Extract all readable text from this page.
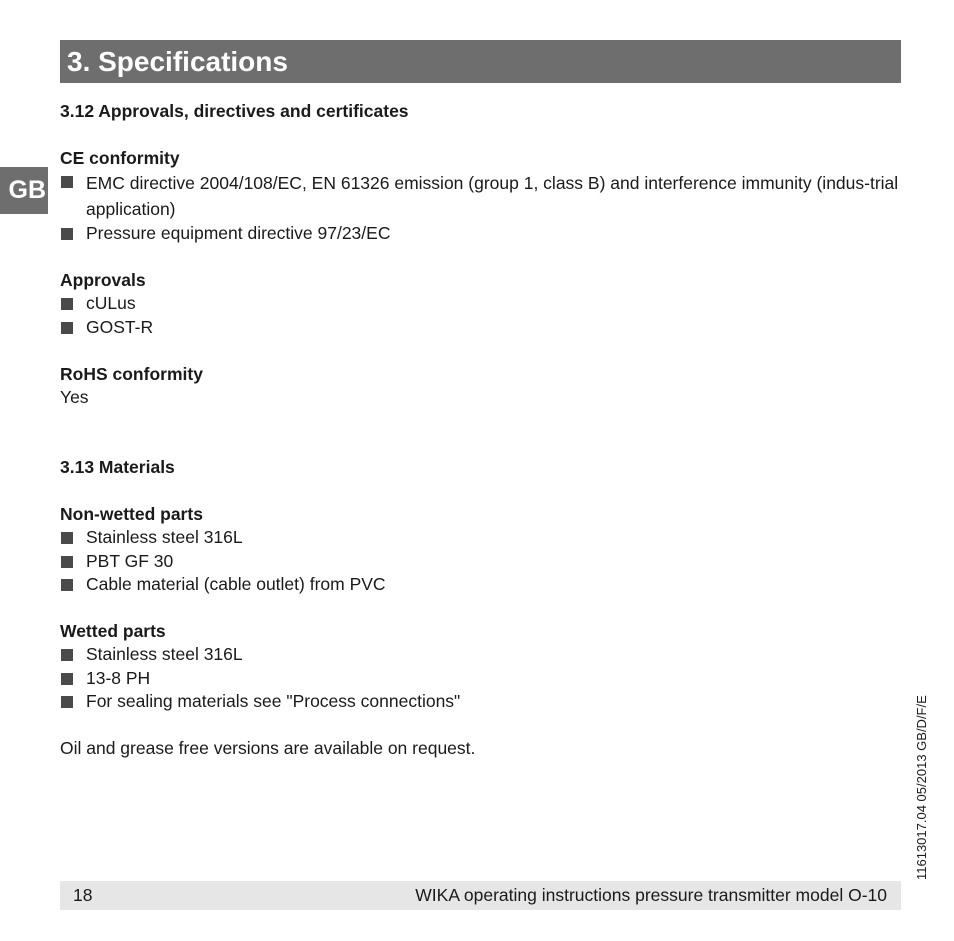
3. Specifications
GB
3.12 Approvals, directives and certificates
CE conformity
EMC directive 2004/108/EC, EN 61326 emission (group 1, class B) and interference immunity (indus-trial application)
Pressure equipment directive 97/23/EC
Approvals
cULus
GOST-R
RoHS conformity
Yes
3.13 Materials
Non-wetted parts
Stainless steel 316L
PBT GF 30
Cable material (cable outlet) from PVC
Wetted parts
Stainless steel 316L
13-8 PH
For sealing materials see "Process connections"
Oil and grease free versions are available on request.
18	WIKA operating instructions pressure transmitter model O-10
11613017.04 05/2013 GB/D/F/E
